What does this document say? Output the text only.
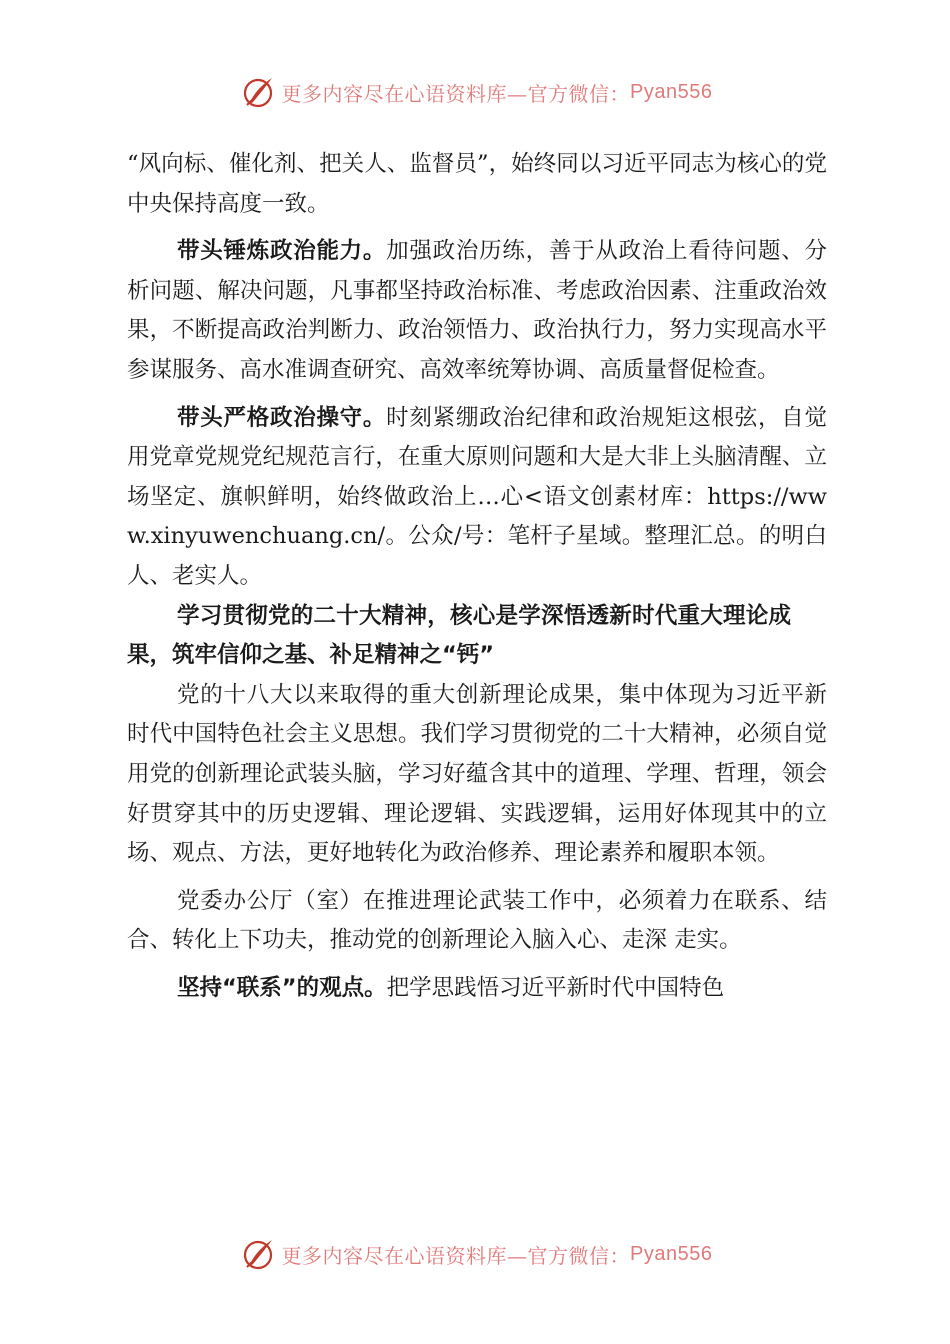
更多内容尽在心语资料库—官方微信： Pyan556

“风向标、催化剂、把关人、监督员”，始终同以习近平同志为核心的党中央保持高度一致。

带头锤炼政治能力。加强政治历练，善于从政治上看待问题、分析问题、解决问题，凡事都坚持政治标准、考虑政治因素、注重政治效果，不断提高政治判断力、政治领悟力、政治执行力，努力实现高水平参谋服务、高水准调查研究、高效率统筹协调、高质量督促检查。

带头严格政治操守。时刻紧绷政治纪律和政治规矩这根弦，自觉用党章党规党纪规范言行，在重大原则问题和大是大非上头脑清醒、立场坚定、旗帜鲜明，始终做政治上…心<语文创素材库：https://www.xinyuwenchuang.cn/。公众/号：笔杆子星域。整理汇总。的明白人、老实人。

学习贯彻党的二十大精神，核心是学深悟透新时代重大理论成果，筑牢信仰之基、补足精神之“钙”

党的十八大以来取得的重大创新理论成果，集中体现为习近平新时代中国特色社会主义思想。我们学习贯彻党的二十大精神，必须自觉用党的创新理论武装头脑，学习好蕴含其中的道理、学理、哲理，领会好贯穿其中的历史逻辑、理论逻辑、实践逻辑，运用好体现其中的立场、观点、方法，更好地转化为政治修养、理论素养和履职本领。

党委办公厅（室）在推进理论武装工作中，必须着力在联系、结合、转化上下功夫，推动党的创新理论入脑入心、走深 走实。

坚持“联系”的观点。把学思践悟习近平新时代中国特色

更多内容尽在心语资料库—官方微信： Pyan556
